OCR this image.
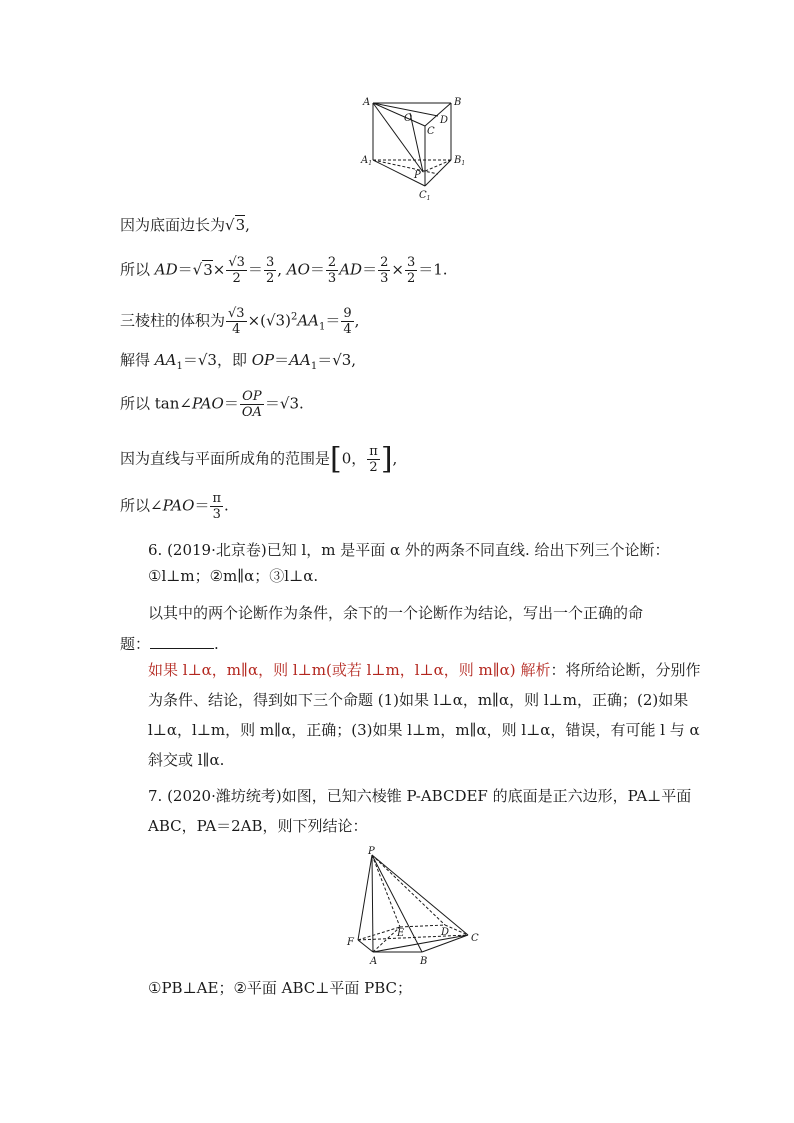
A	B
O
C
D
$A_1$	$B_1$
P
$C_1$
因为底面边长为√3,
所以 $AD=√3\times \frac{√3}{2} = \frac{3}{2}$ , $AO= \frac{2}{3} AD= \frac{2}{3} \times \frac{3}{2} =1$.
三棱柱的体积为 $\frac{√3}{4} \times(√3)^2AA_1= \frac{9}{4}$ ,
解得 $AA_1=√3$，即 $OP=AA_1=√3$,
所以 tan∠PAO＝ $\frac{OP}{OA} =√3$.
因为直线与平面所成角的范围是[0， $\frac{\pi}{2}$ ],
所以∠PAO＝ $\frac{\pi}{3}$ .
6. (2019·北京卷)已知 l，m 是平面 α 外的两条不同直线. 给出下列三个论断：
①l⊥m；②m∥α；③l⊥α.
以其中的两个论断作为条件，余下的一个论断作为结论，写出一个正确的命
题：	.
如果 l⊥α，m∥α，则 l⊥m(或若 l⊥m，l⊥α，则 m∥α) 解析：将所给论断，分别作为条件、结论，得到如下三个命题 (1)如果 l⊥α，m∥α，则 l⊥m，正确；(2)如果 l⊥α，l⊥m，则 m∥α，正确；(3)如果 l⊥m，m∥α，则 l⊥α，错误，有可能 l 与 α 斜交或 l∥α.
7. (2020·潍坊统考)如图，已知六棱锥 P-ABCDEF 的底面是正六边形，PA⊥平面 ABC，PA＝2AB，则下列结论：
P
F
E	D
C
A	B
①PB⊥AE；②平面 ABC⊥平面 PBC；
